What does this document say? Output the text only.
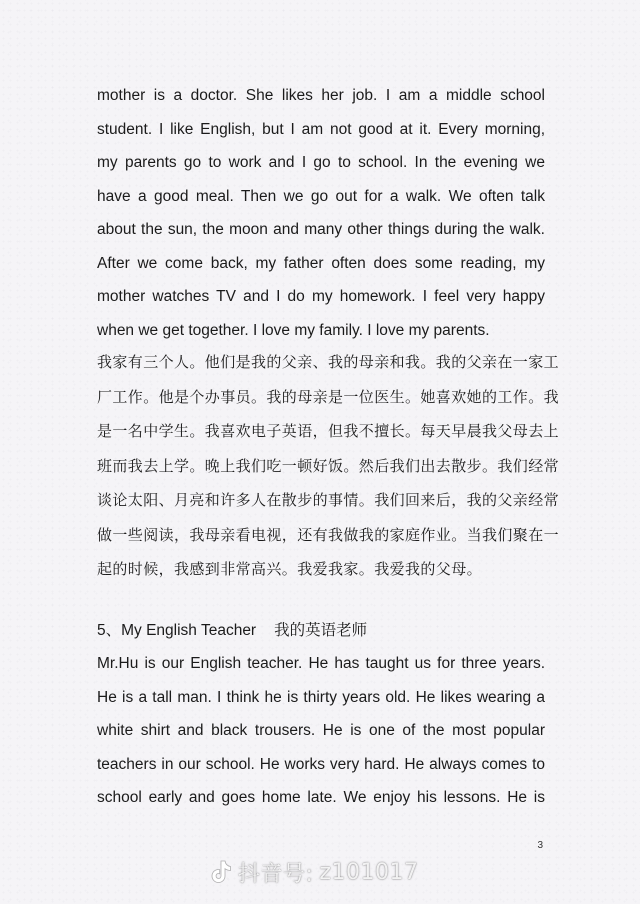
mother is a doctor. She likes her job. I am a middle school
student. I like English, but I am not good at it. Every morning,
my parents go to work and I go to school. In the evening we
have a good meal. Then we go out for a walk. We often talk
about the sun, the moon and many other things during the walk.
After we come back, my father often does some reading, my
mother watches TV and I do my homework. I feel very happy
when we get together. I love my family. I love my parents.
我家有三个人。他们是我的父亲、我的母亲和我。我的父亲在一家工
厂工作。他是个办事员。我的母亲是一位医生。她喜欢她的工作。我
是一名中学生。我喜欢电子英语，但我不擅长。每天早晨我父母去上
班而我去上学。晚上我们吃一顿好饭。然后我们出去散步。我们经常
谈论太阳、月亮和许多人在散步的事情。我们回来后，我的父亲经常
做一些阅读，我母亲看电视，还有我做我的家庭作业。当我们聚在一
起的时候，我感到非常高兴。我爱我家。我爱我的父母。
5、My English Teacher 我的英语老师
Mr.Hu is our English teacher. He has taught us for three years.
He is a tall man. I think he is thirty years old. He likes wearing a
white shirt and black trousers. He is one of the most popular
teachers in our school. He works very hard. He always comes to
school early and goes home late. We enjoy his lessons. He is
3
抖音号: z101017
